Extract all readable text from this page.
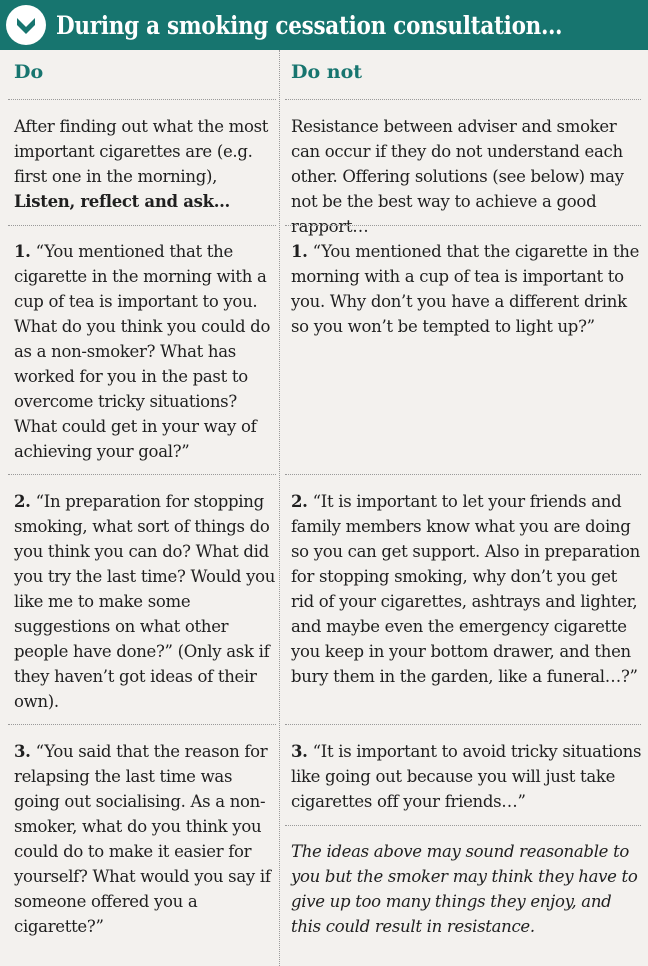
During a smoking cessation consultation…
Do	Do not
After finding out what the most important cigarettes are (e.g. first one in the morning), Listen, reflect and ask…
Resistance between adviser and smoker can occur if they do not understand each other. Offering solutions (see below) may not be the best way to achieve a good rapport…
1. “You mentioned that the cigarette in the morning with a cup of tea is important to you. What do you think you could do as a non-smoker? What has worked for you in the past to overcome tricky situations? What could get in your way of achieving your goal?”
1. “You mentioned that the cigarette in the morning with a cup of tea is important to you. Why don’t you have a different drink so you won’t be tempted to light up?”
2. “In preparation for stopping smoking, what sort of things do you think you can do? What did you try the last time? Would you like me to make some suggestions on what other people have done?” (Only ask if they haven’t got ideas of their own).
2. “It is important to let your friends and family members know what you are doing so you can get support. Also in preparation for stopping smoking, why don’t you get rid of your cigarettes, ashtrays and lighter, and maybe even the emergency cigarette you keep in your bottom drawer, and then bury them in the garden, like a funeral…?”
3. “You said that the reason for relapsing the last time was going out socialising. As a non-smoker, what do you think you could do to make it easier for yourself? What would you say if someone offered you a cigarette?”
3. “It is important to avoid tricky situations like going out because you will just take cigarettes off your friends…”
The ideas above may sound reasonable to you but the smoker may think they have to give up too many things they enjoy, and this could result in resistance.
